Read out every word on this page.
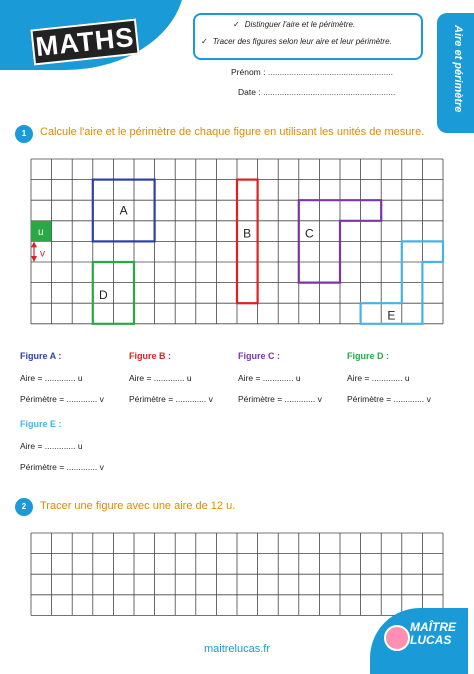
MATHS	✓ Distinguer l'aire et le périmètre.
✓ Tracer des figures selon leur aire et leur périmètre.
Prénom : .....................................................
Date : ........................................................	Aire et périmètre
1	Calcule l'aire et le périmètre de chaque figure en utilisant les unités de mesure.
u
v
A
B	C
D
E
Figure A :
Aire = ............. u
Périmètre = ............. v
Figure B :
Aire = ............. u
Périmètre = ............. v
Figure C :
Aire = ............. u
Périmètre = ............. v
Figure D :
Aire = ............. u
Périmètre = ............. v
Figure E :
Aire = ............. u
Périmètre = ............. v
2	Tracer une figure avec une aire de 12 u.
maitrelucas.fr
MAÎTRE
LUCAS
